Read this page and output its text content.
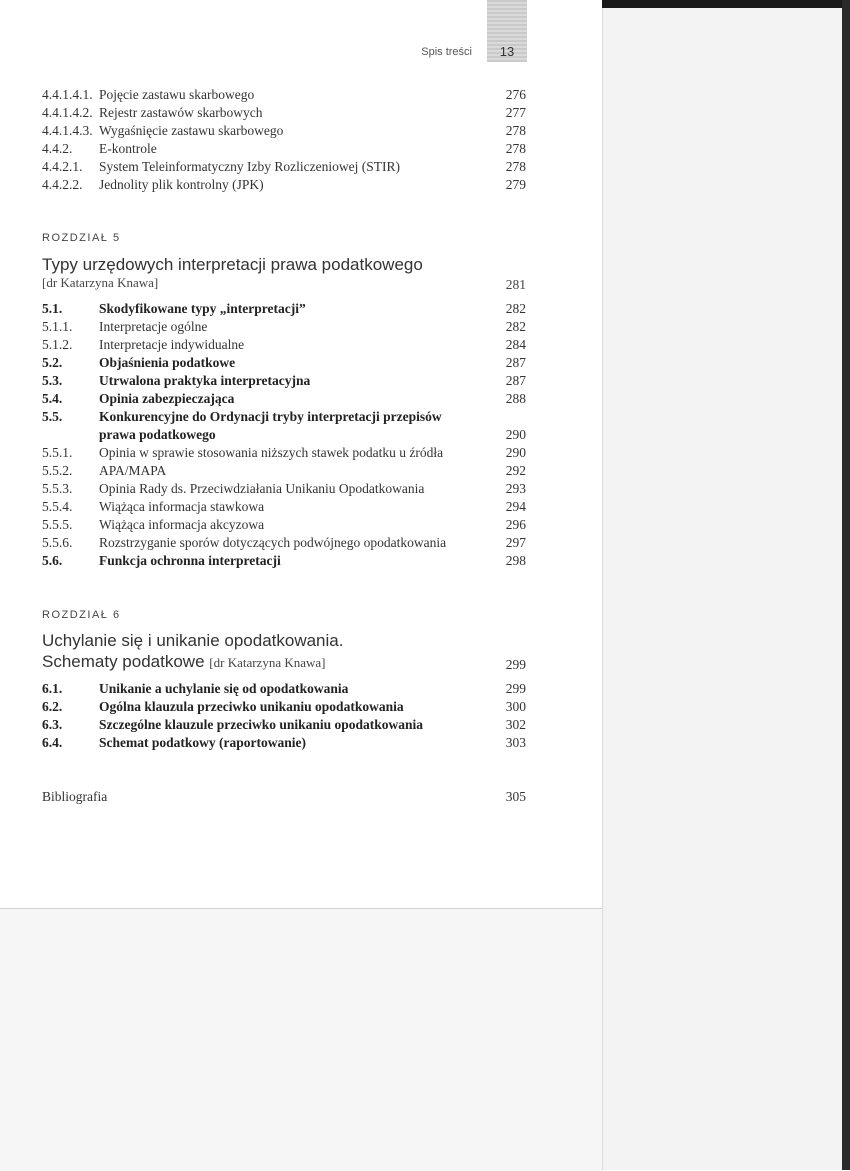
Spis treści	13
4.4.1.4.1. Pojęcie zastawu skarbowego	276
4.4.1.4.2. Rejestr zastawów skarbowych	277
4.4.1.4.3. Wygaśnięcie zastawu skarbowego	278
4.4.2. E-kontrole	278
4.4.2.1. System Teleinformatyczny Izby Rozliczeniowej (STIR)	278
4.4.2.2. Jednolity plik kontrolny (JPK)	279
ROZDZIAŁ 5
Typy urzędowych interpretacji prawa podatkowego
[dr Katarzyna Knawa]	281
5.1.	Skodyfikowane typy „interpretacji”	282
5.1.1. Interpretacje ogólne	282
5.1.2. Interpretacje indywidualne	284
5.2.	Objaśnienia podatkowe	287
5.3.	Utrwalona praktyka interpretacyjna	287
5.4.	Opinia zabezpieczająca	288
5.5.	Konkurencyjne do Ordynacji tryby interpretacji przepisów
prawa podatkowego	290
5.5.1. Opinia w sprawie stosowania niższych stawek podatku u źródła	290
5.5.2. APA/MAPA	292
5.5.3. Opinia Rady ds. Przeciwdziałania Unikaniu Opodatkowania	293
5.5.4. Wiążąca informacja stawkowa	294
5.5.5. Wiążąca informacja akcyzowa	296
5.5.6. Rozstrzyganie sporów dotyczących podwójnego opodatkowania	297
5.6.	Funkcja ochronna interpretacji	298
ROZDZIAŁ 6
Uchylanie się i unikanie opodatkowania.
Schematy podatkowe [dr Katarzyna Knawa]	299
6.1.	Unikanie a uchylanie się od opodatkowania	299
6.2.	Ogólna klauzula przeciwko unikaniu opodatkowania	300
6.3.	Szczególne klauzule przeciwko unikaniu opodatkowania	302
6.4.	Schemat podatkowy (raportowanie)	303
Bibliografia	305
